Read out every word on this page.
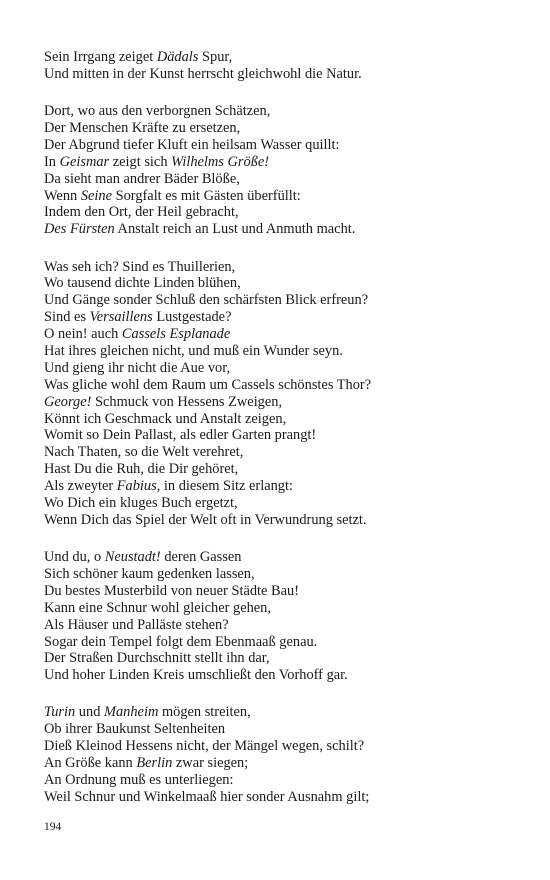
Sein Irrgang zeiget Dädals Spur,
Und mitten in der Kunst herrscht gleichwohl die Natur.
Dort, wo aus den verborgnen Schätzen,
Der Menschen Kräfte zu ersetzen,
Der Abgrund tiefer Kluft ein heilsam Wasser quillt:
In Geismar zeigt sich Wilhelms Größe!
Da sieht man andrer Bäder Blöße,
Wenn Seine Sorgfalt es mit Gästen überfüllt:
Indem den Ort, der Heil gebracht,
Des Fürsten Anstalt reich an Lust und Anmuth macht.
Was seh ich? Sind es Thuillerien,
Wo tausend dichte Linden blühen,
Und Gänge sonder Schluß den schärfsten Blick erfreun?
Sind es Versaillens Lustgestade?
O nein! auch Cassels Esplanade
Hat ihres gleichen nicht, und muß ein Wunder seyn.
Und gieng ihr nicht die Aue vor,
Was gliche wohl dem Raum um Cassels schönstes Thor?
George! Schmuck von Hessens Zweigen,
Könnt ich Geschmack und Anstalt zeigen,
Womit so Dein Pallast, als edler Garten prangt!
Nach Thaten, so die Welt verehret,
Hast Du die Ruh, die Dir gehöret,
Als zweyter Fabius, in diesem Sitz erlangt:
Wo Dich ein kluges Buch ergetzt,
Wenn Dich das Spiel der Welt oft in Verwundrung setzt.
Und du, o Neustadt! deren Gassen
Sich schöner kaum gedenken lassen,
Du bestes Musterbild von neuer Städte Bau!
Kann eine Schnur wohl gleicher gehen,
Als Häuser und Palläste stehen?
Sogar dein Tempel folgt dem Ebenmaaß genau.
Der Straßen Durchschnitt stellt ihn dar,
Und hoher Linden Kreis umschließt den Vorhoff gar.
Turin und Manheim mögen streiten,
Ob ihrer Baukunst Seltenheiten
Dieß Kleinod Hessens nicht, der Mängel wegen, schilt?
An Größe kann Berlin zwar siegen;
An Ordnung muß es unterliegen:
Weil Schnur und Winkelmaaß hier sonder Ausnahm gilt;
194
